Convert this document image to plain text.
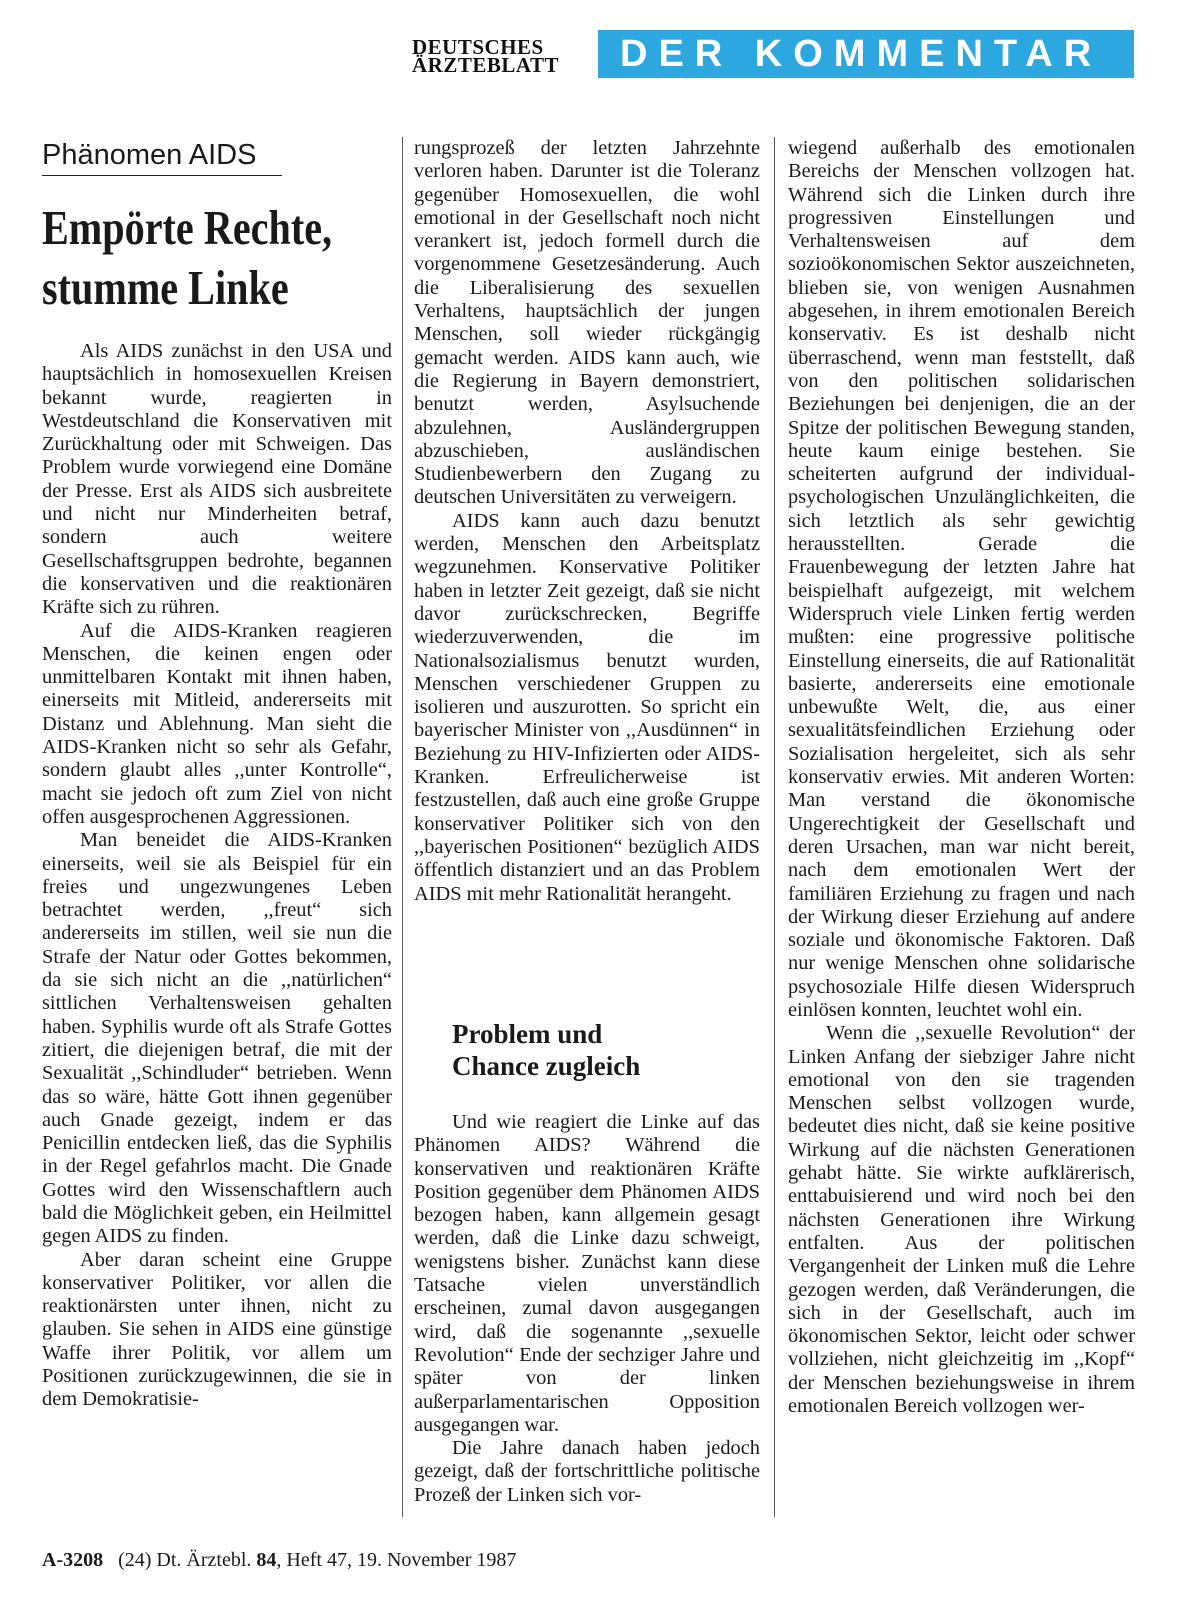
DEUTSCHES
ÄRZTEBLATT	DER KOMMENTAR
Phänomen AIDS
Empörte Rechte,
stumme Linke

Als AIDS zunächst in den USA und hauptsächlich in homosexuellen Kreisen bekannt wurde, reagierten in Westdeutschland die Konservativen mit Zurückhaltung oder mit Schweigen. Das Problem wurde vorwiegend eine Domäne der Presse. Erst als AIDS sich ausbreitete und nicht nur Minderheiten betraf, sondern auch weitere Gesellschaftsgruppen bedrohte, begannen die konservativen und die reaktionären Kräfte sich zu rühren.

Auf die AIDS-Kranken reagieren Menschen, die keinen engen oder unmittelbaren Kontakt mit ihnen haben, einerseits mit Mitleid, andererseits mit Distanz und Ablehnung. Man sieht die AIDS-Kranken nicht so sehr als Gefahr, sondern glaubt alles ,,unter Kontrolle“, macht sie jedoch oft zum Ziel von nicht offen ausgesprochenen Aggressionen.

Man beneidet die AIDS-Kranken einerseits, weil sie als Beispiel für ein freies und ungezwungenes Leben betrachtet werden, ,,freut“ sich andererseits im stillen, weil sie nun die Strafe der Natur oder Gottes bekommen, da sie sich nicht an die ,,natürlichen“ sittlichen Verhaltensweisen gehalten haben. Syphilis wurde oft als Strafe Gottes zitiert, die diejenigen betraf, die mit der Sexualität ,,Schindluder“ betrieben. Wenn das so wäre, hätte Gott ihnen gegenüber auch Gnade gezeigt, indem er das Penicillin entdecken ließ, das die Syphilis in der Regel gefahrlos macht. Die Gnade Gottes wird den Wissenschaftlern auch bald die Möglichkeit geben, ein Heilmittel gegen AIDS zu finden.

Aber daran scheint eine Gruppe konservativer Politiker, vor allen die reaktionärsten unter ihnen, nicht zu glauben. Sie sehen in AIDS eine günstige Waffe ihrer Politik, vor allem um Positionen zurückzugewinnen, die sie in dem Demokratisie-

rungsprozeß der letzten Jahrzehnte verloren haben. Darunter ist die Toleranz gegenüber Homosexuellen, die wohl emotional in der Gesellschaft noch nicht verankert ist, jedoch formell durch die vorgenommene Gesetzesänderung. Auch die Liberalisierung des sexuellen Verhaltens, hauptsächlich der jungen Menschen, soll wieder rückgängig gemacht werden. AIDS kann auch, wie die Regierung in Bayern demonstriert, benutzt werden, Asylsuchende abzulehnen, Ausländergruppen abzuschieben, ausländischen Studienbewerbern den Zugang zu deutschen Universitäten zu verweigern.

AIDS kann auch dazu benutzt werden, Menschen den Arbeitsplatz wegzunehmen. Konservative Politiker haben in letzter Zeit gezeigt, daß sie nicht davor zurückschrecken, Begriffe wiederzuverwenden, die im Nationalsozialismus benutzt wurden, Menschen verschiedener Gruppen zu isolieren und auszurotten. So spricht ein bayerischer Minister von ,,Ausdünnen“ in Beziehung zu HIV-Infizierten oder AIDS-Kranken. Erfreulicherweise ist festzustellen, daß auch eine große Gruppe konservativer Politiker sich von den ,,bayerischen Positionen“ bezüglich AIDS öffentlich distanziert und an das Problem AIDS mit mehr Rationalität herangeht.

Problem und
Chance zugleich

Und wie reagiert die Linke auf das Phänomen AIDS? Während die konservativen und reaktionären Kräfte Position gegenüber dem Phänomen AIDS bezogen haben, kann allgemein gesagt werden, daß die Linke dazu schweigt, wenigstens bisher. Zunächst kann diese Tatsache vielen unverständlich erscheinen, zumal davon ausgegangen wird, daß die sogenannte ,,sexuelle Revolution“ Ende der sechziger Jahre und später von der linken außerparlamentarischen Opposition ausgegangen war.

Die Jahre danach haben jedoch gezeigt, daß der fortschrittliche politische Prozeß der Linken sich vor-

wiegend außerhalb des emotionalen Bereichs der Menschen vollzogen hat. Während sich die Linken durch ihre progressiven Einstellungen und Verhaltensweisen auf dem sozioökonomischen Sektor auszeichneten, blieben sie, von wenigen Ausnahmen abgesehen, in ihrem emotionalen Bereich konservativ. Es ist deshalb nicht überraschend, wenn man feststellt, daß von den politischen solidarischen Beziehungen bei denjenigen, die an der Spitze der politischen Bewegung standen, heute kaum einige bestehen. Sie scheiterten aufgrund der individual-psychologischen Unzulänglichkeiten, die sich letztlich als sehr gewichtig herausstellten. Gerade die Frauenbewegung der letzten Jahre hat beispielhaft aufgezeigt, mit welchem Widerspruch viele Linken fertig werden mußten: eine progressive politische Einstellung einerseits, die auf Rationalität basierte, andererseits eine emotionale unbewußte Welt, die, aus einer sexualitätsfeindlichen Erziehung oder Sozialisation hergeleitet, sich als sehr konservativ erwies. Mit anderen Worten: Man verstand die ökonomische Ungerechtigkeit der Gesellschaft und deren Ursachen, man war nicht bereit, nach dem emotionalen Wert der familiären Erziehung zu fragen und nach der Wirkung dieser Erziehung auf andere soziale und ökonomische Faktoren. Daß nur wenige Menschen ohne solidarische psychosoziale Hilfe diesen Widerspruch einlösen konnten, leuchtet wohl ein.

Wenn die ,,sexuelle Revolution“ der Linken Anfang der siebziger Jahre nicht emotional von den sie tragenden Menschen selbst vollzogen wurde, bedeutet dies nicht, daß sie keine positive Wirkung auf die nächsten Generationen gehabt hätte. Sie wirkte aufklärerisch, enttabuisierend und wird noch bei den nächsten Generationen ihre Wirkung entfalten. Aus der politischen Vergangenheit der Linken muß die Lehre gezogen werden, daß Veränderungen, die sich in der Gesellschaft, auch im ökonomischen Sektor, leicht oder schwer vollziehen, nicht gleichzeitig im ,,Kopf“ der Menschen beziehungsweise in ihrem emotionalen Bereich vollzogen wer-

A-3208 (24) Dt. Ärztebl. 84, Heft 47, 19. November 1987
